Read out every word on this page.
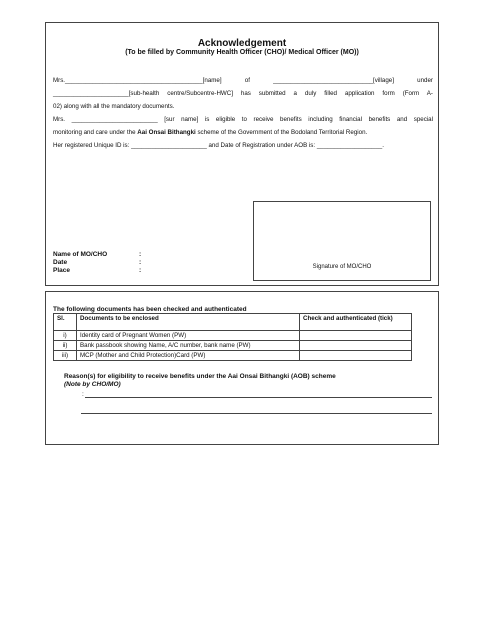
Acknowledgement
(To be filled by Community Health Officer (CHO)/ Medical Officer (MO))
Mrs.________________________________________[name] of _____________________________[village] under
______________________[sub-health centre/Subcentre-HWC] has submitted a duly filled application form (Form A-
02) along with all the mandatory documents.
Mrs. _________________________ [sur name] is eligible to receive benefits including financial benefits and special
monitoring and care under the Aai Onsai Bithangki scheme of the Government of the Bodoland Territorial Region.
Her registered Unique ID is: ______________________ and Date of Registration under AOB is: ___________________.
Name of MO/CHO	:
Date	:
Place	:	Signature of MO/CHO
The following documents has been checked and authenticated
Sl.	Documents to be enclosed	Check and authenticated (tick)
i)	Identity card of Pregnant Women (PW)	
ii)	Bank passbook showing Name, A/C number, bank name (PW)	
iii)	MCP (Mother and Child Protection)Card (PW)	
Reason(s) for eligibility to receive benefits under the Aai Onsai Bithangki (AOB) scheme
(Note by CHO/MO)
:
